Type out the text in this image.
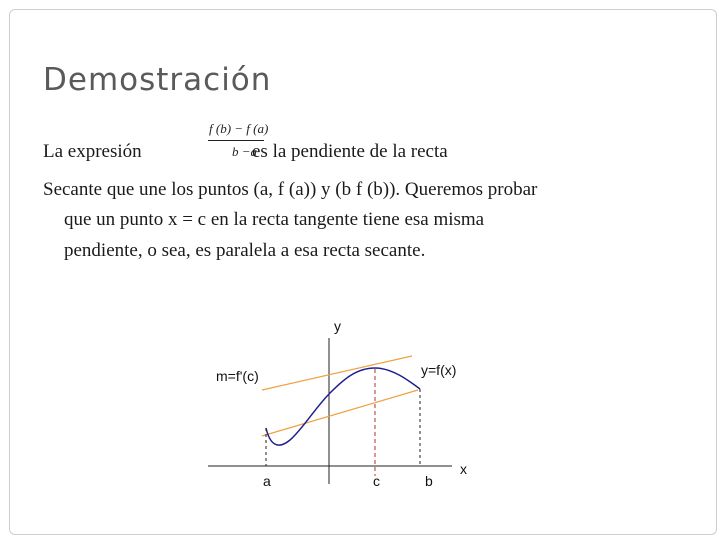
Demostración
La expresión
f (b) − f (a)
b −a
es la pendiente de la recta
Secante que une los puntos (a, f (a)) y (b f (b)). Queremos probar
que un punto x = c en la recta tangente tiene esa misma
pendiente, o sea, es paralela a esa recta secante.
y
x
m=f'(c)	y=f(x)
a	c	b
